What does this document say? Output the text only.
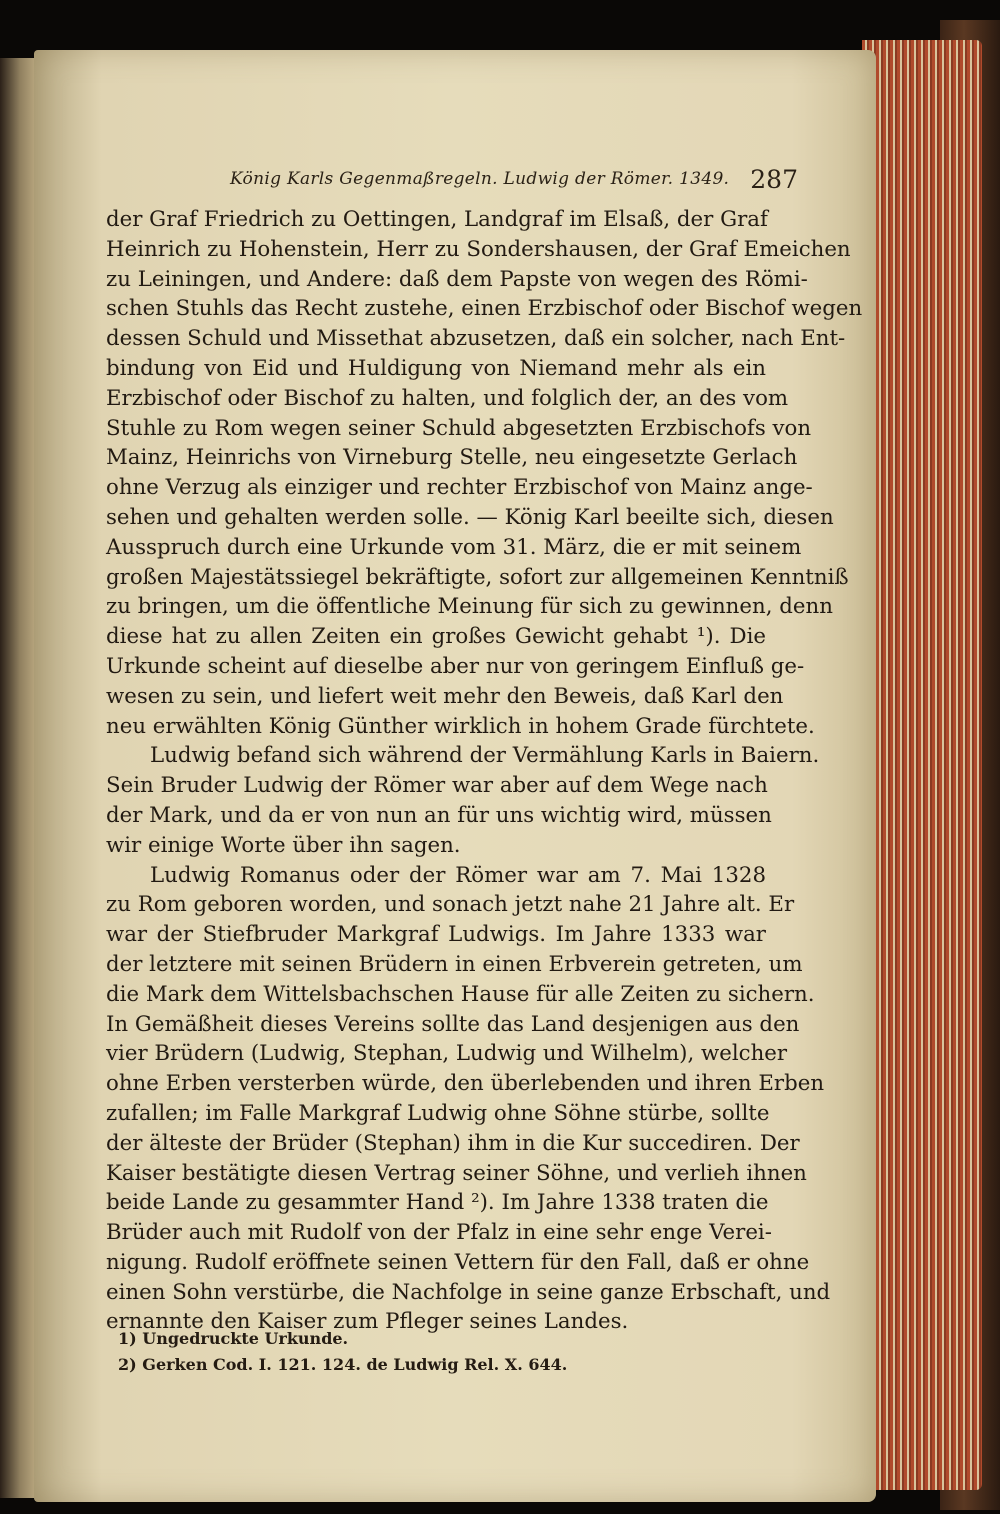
König Karls Gegenmaßregeln. Ludwig der Römer. 1349. 287
der Graf Friedrich zu Oettingen, Landgraf im Elsaß, der Graf
Heinrich zu Hohenstein, Herr zu Sondershausen, der Graf Emeichen
zu Leiningen, und Andere: daß dem Papste von wegen des Römi-
schen Stuhls das Recht zustehe, einen Erzbischof oder Bischof wegen
dessen Schuld und Missethat abzusetzen, daß ein solcher, nach Ent-
bindung von Eid und Huldigung von Niemand mehr als ein
Erzbischof oder Bischof zu halten, und folglich der, an des vom
Stuhle zu Rom wegen seiner Schuld abgesetzten Erzbischofs von
Mainz, Heinrichs von Virneburg Stelle, neu eingesetzte Gerlach
ohne Verzug als einziger und rechter Erzbischof von Mainz ange-
sehen und gehalten werden solle. — König Karl beeilte sich, diesen
Ausspruch durch eine Urkunde vom 31. März, die er mit seinem
großen Majestätssiegel bekräftigte, sofort zur allgemeinen Kenntniß
zu bringen, um die öffentliche Meinung für sich zu gewinnen, denn
diese hat zu allen Zeiten ein großes Gewicht gehabt ¹). Die
Urkunde scheint auf dieselbe aber nur von geringem Einfluß ge-
wesen zu sein, und liefert weit mehr den Beweis, daß Karl den
neu erwählten König Günther wirklich in hohem Grade fürchtete.
Ludwig befand sich während der Vermählung Karls in Baiern.
Sein Bruder Ludwig der Römer war aber auf dem Wege nach
der Mark, und da er von nun an für uns wichtig wird, müssen
wir einige Worte über ihn sagen.
Ludwig Romanus oder der Römer war am 7. Mai 1328
zu Rom geboren worden, und sonach jetzt nahe 21 Jahre alt. Er
war der Stiefbruder Markgraf Ludwigs. Im Jahre 1333 war
der letztere mit seinen Brüdern in einen Erbverein getreten, um
die Mark dem Wittelsbachschen Hause für alle Zeiten zu sichern.
In Gemäßheit dieses Vereins sollte das Land desjenigen aus den
vier Brüdern (Ludwig, Stephan, Ludwig und Wilhelm), welcher
ohne Erben versterben würde, den überlebenden und ihren Erben
zufallen; im Falle Markgraf Ludwig ohne Söhne stürbe, sollte
der älteste der Brüder (Stephan) ihm in die Kur succediren. Der
Kaiser bestätigte diesen Vertrag seiner Söhne, und verlieh ihnen
beide Lande zu gesammter Hand ²). Im Jahre 1338 traten die
Brüder auch mit Rudolf von der Pfalz in eine sehr enge Verei-
nigung. Rudolf eröffnete seinen Vettern für den Fall, daß er ohne
einen Sohn verstürbe, die Nachfolge in seine ganze Erbschaft, und
ernannte den Kaiser zum Pfleger seines Landes.
1) Ungedruckte Urkunde.
2) Gerken Cod. I. 121. 124. de Ludwig Rel. X. 644.
